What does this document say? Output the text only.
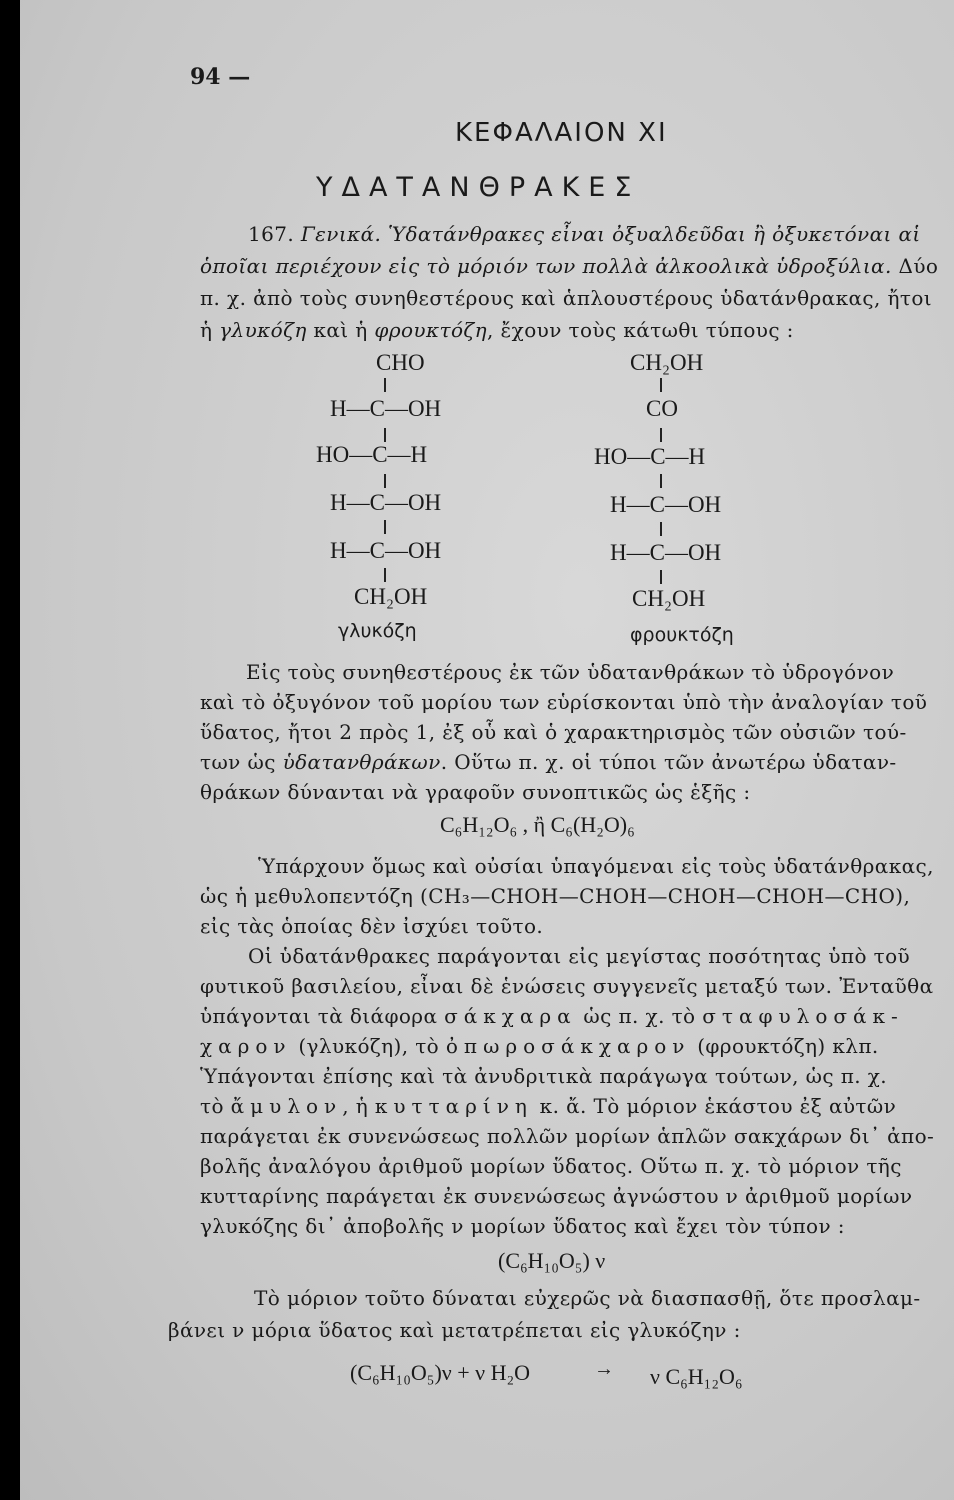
94 —
ΚΕΦΑΛΑΙΟΝ XI
ΥΔΑΤΑΝΘΡΑΚΕΣ
167. Γενικά. Ὑδατάνθρακες εἶναι ὀξυαλδεῦδαι ἢ ὀξυκετόναι αἱ
ὁποῖαι περιέχουν εἰς τὸ μόριόν των πολλὰ ἀλκοολικὰ ὑδροξύλια. Δύο
π. χ. ἀπὸ τοὺς συνηθεστέρους καὶ ἁπλουστέρους ὑδατάνθρακας, ἤτοι
ἡ γλυκόζη καὶ ἡ φρουκτόζη, ἔχουν τοὺς κάτωθι τύπους :
CHO
H—C—OH
HO—C—H
H—C—OH
H—C—OH
CH₂OH
γλυκόζη
CH₂OH
CO
HO—C—H
H—C—OH
H—C—OH
CH₂OH
φρουκτόζη
Εἰς τοὺς συνηθεστέρους ἐκ τῶν ὑδατανθράκων τὸ ὑδρογόνον
καὶ τὸ ὀξυγόνον τοῦ μορίου των εὑρίσκονται ὑπὸ τὴν ἀναλογίαν τοῦ
ὕδατος, ἤτοι 2 πρὸς 1, ἐξ οὗ καὶ ὁ χαρακτηρισμὸς τῶν οὐσιῶν τού-
των ὡς ὑδατανθράκων. Οὕτω π. χ. οἱ τύποι τῶν ἀνωτέρω ὑδαταν-
θράκων δύνανται νὰ γραφοῦν συνοπτικῶς ὡς ἑξῆς :
C₆H₁₂O₆ , ἢ C₆(H₂O)₆
Ὑπάρχουν ὅμως καὶ οὐσίαι ὑπαγόμεναι εἰς τοὺς ὑδατάνθρακας,
ὡς ἡ μεθυλοπεντόζη (CH₃—CHOH—CHOH—CHOH—CHOH—CHO),
εἰς τὰς ὁποίας δὲν ἰσχύει τοῦτο.
Οἱ ὑδατάνθρακες παράγονται εἰς μεγίστας ποσότητας ὑπὸ τοῦ
φυτικοῦ βασιλείου, εἶναι δὲ ἑνώσεις συγγενεῖς μεταξύ των. Ἐνταῦθα
ὑπάγονται τὰ διάφορα σάκχαρα ὡς π. χ. τὸ σταφυλοσάκ-
χαρον (γλυκόζη), τὸ ὀπωροσάκχαρον (φρουκτόζη) κλπ.
Ὑπάγονται ἐπίσης καὶ τὰ ἀνυδριτικὰ παράγωγα τούτων, ὡς π. χ.
τὸ ἄμυλον, ἡ κυτταρίνη κ. ἄ. Τὸ μόριον ἑκάστου ἐξ αὐτῶν
παράγεται ἐκ συνενώσεως πολλῶν μορίων ἁπλῶν σακχάρων δι᾽ ἀπο-
βολῆς ἀναλόγου ἀριθμοῦ μορίων ὕδατος. Οὕτω π. χ. τὸ μόριον τῆς
κυτταρίνης παράγεται ἐκ συνενώσεως ἀγνώστου ν ἀριθμοῦ μορίων
γλυκόζης δι᾽ ἀποβολῆς ν μορίων ὕδατος καὶ ἔχει τὸν τύπον :
(C₆H₁₀O₅) ν
Τὸ μόριον τοῦτο δύναται εὐχερῶς νὰ διασπασθῇ, ὅτε προσλαμ-
βάνει ν μόρια ὕδατος καὶ μετατρέπεται εἰς γλυκόζην :
(C₆H₁₀O₅)ν + ν H₂O	→ ν C₆H₁₂O₆
